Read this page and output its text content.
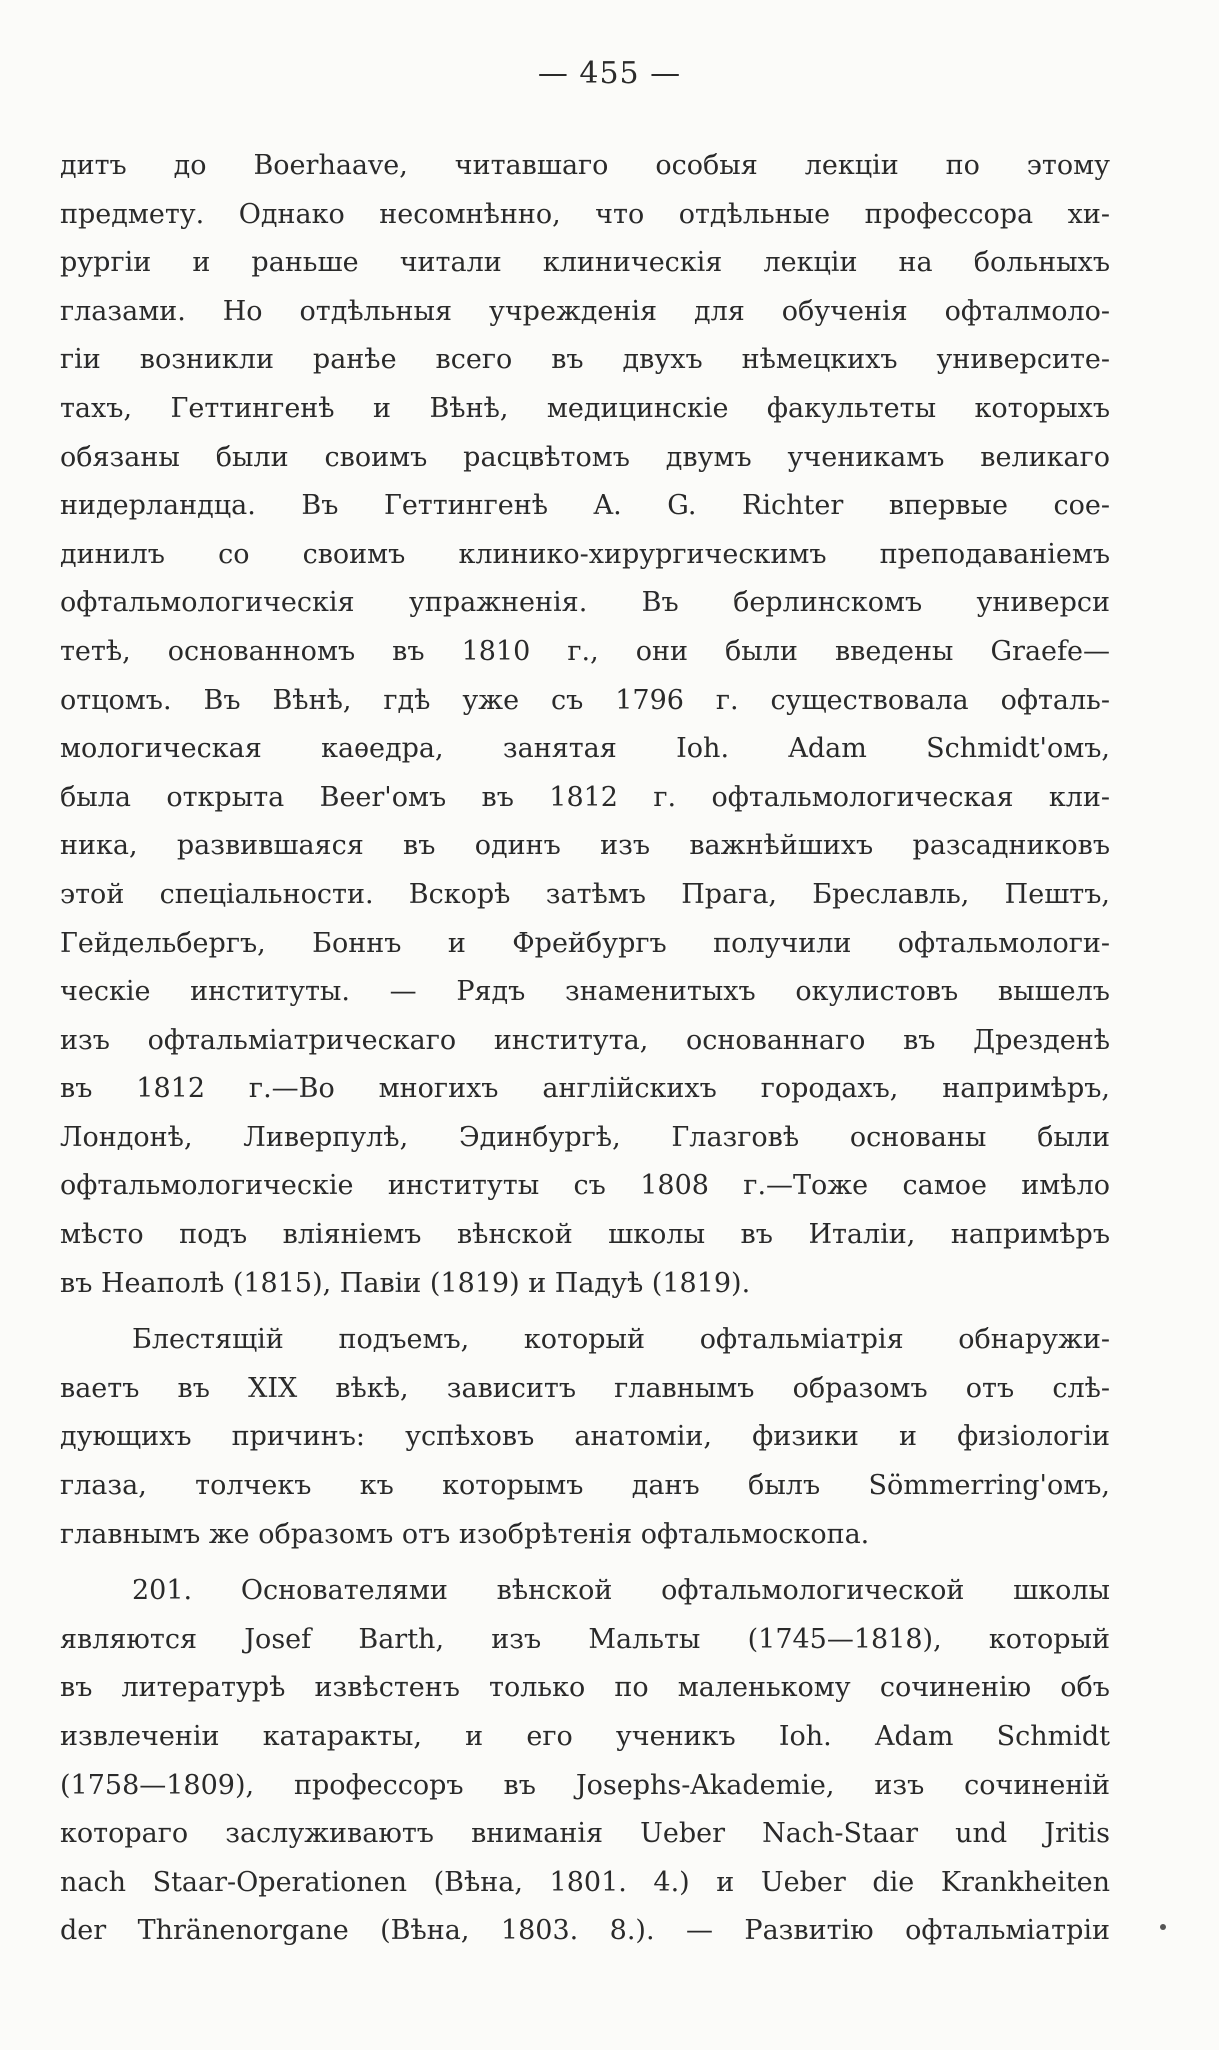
— 455 —
дитъ до Boerhaave, читавшаго особыя лекціи по этому
предмету. Однако несомнѣнно, что отдѣльные профессора хи-
рургіи и раньше читали клиническія лекціи на больныхъ
глазами. Но отдѣльныя учрежденія для обученія офталмоло-
гіи возникли ранѣе всего въ двухъ нѣмецкихъ университе-
тахъ, Геттингенѣ и Вѣнѣ, медицинскіе факультеты которыхъ
обязаны были своимъ расцвѣтомъ двумъ ученикамъ великаго
нидерландца. Въ Геттингенѣ A. G. Richter впервые сое-
динилъ со своимъ клинико-хирургическимъ преподаваніемъ
офтальмологическія упражненія. Въ берлинскомъ универси
тетѣ, основанномъ въ 1810 г., они были введены Graefe—
отцомъ. Въ Вѣнѣ, гдѣ уже съ 1796 г. существовала офталь-
мологическая каѳедра, занятая Ioh. Adam Schmidt'омъ,
была открыта Beer'омъ въ 1812 г. офтальмологическая кли-
ника, развившаяся въ одинъ изъ важнѣйшихъ разсадниковъ
этой спеціальности. Вскорѣ затѣмъ Прага, Бреславль, Пештъ,
Гейдельбергъ, Боннъ и Фрейбургъ получили офтальмологи-
ческіе институты. — Рядъ знаменитыхъ окулистовъ вышелъ
изъ офтальміатрическаго института, основаннаго въ Дрезденѣ
въ 1812 г.—Во многихъ англійскихъ городахъ, напримѣръ,
Лондонѣ, Ливерпулѣ, Эдинбургѣ, Глазговѣ основаны были
офтальмологическіе институты съ 1808 г.—Тоже самое имѣло
мѣсто подъ вліяніемъ вѣнской школы въ Италіи, напримѣръ
въ Неаполѣ (1815), Павіи (1819) и Падуѣ (1819).
Блестящій подъемъ, который офтальміатрія обнаружи-
ваетъ въ XIX вѣкѣ, зависитъ главнымъ образомъ отъ слѣ-
дующихъ причинъ: успѣховъ анатоміи, физики и физіологіи
глаза, толчекъ къ которымъ данъ былъ Sömmerring'омъ,
главнымъ же образомъ отъ изобрѣтенія офтальмоскопа.
201. Основателями вѣнской офтальмологической школы
являются Josef Barth, изъ Мальты (1745—1818), который
въ литературѣ извѣстенъ только по маленькому сочиненію объ
извлеченіи катаракты, и его ученикъ Ioh. Adam Schmidt
(1758—1809), профессоръ въ Josephs-Akademie, изъ сочиненій
котораго заслуживаютъ вниманія Ueber Nach-Staar und Jritis
nach Staar-Operationen (Вѣна, 1801. 4.) и Ueber die Krankheiten
der Thränenorgane (Вѣна, 1803. 8.). — Развитію офтальміатріи
